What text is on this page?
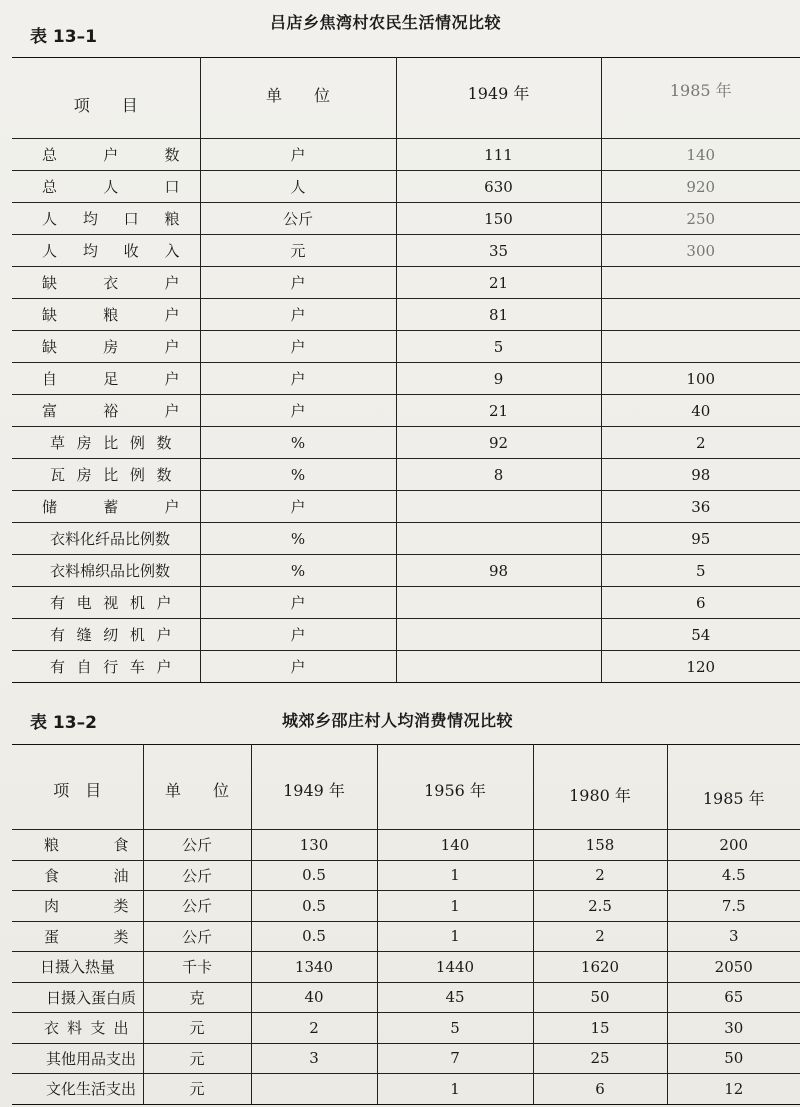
表 13–1
吕店乡焦湾村农民生活情况比较
项　　目	单　　位	1949 年	1985 年
总户数	户	111	140
总人口	人	630	920
人均口粮	公斤	150	250
人均收入	元	35	300
缺衣户	户	21	
缺粮户	户	81	
缺房户	户	5	
自足户	户	9	100
富裕户	户	21	40
草房比例数	%	92	2
瓦房比例数	%	8	98
储蓄户	户		36
衣料化纤品比例数	%		95
衣料棉织品比例数	%	98	5
有电视机户	户		6
有缝纫机户	户		54
有自行车户	户		120
表 13–2	城郊乡邵庄村人均消费情况比较
项　目	单　　位	1949 年	1956 年	1980 年	1985 年
粮食	公斤	130	140	158	200
食油	公斤	0.5	1	2	4.5
肉类	公斤	0.5	1	2.5	7.5
蛋类	公斤	0.5	1	2	3
日摄入热量	千卡	1340	1440	1620	2050
日摄入蛋白质	克	40	45	50	65
衣料支出	元	2	5	15	30
其他用品支出	元	3	7	25	50
文化生活支出	元		1	6	12
